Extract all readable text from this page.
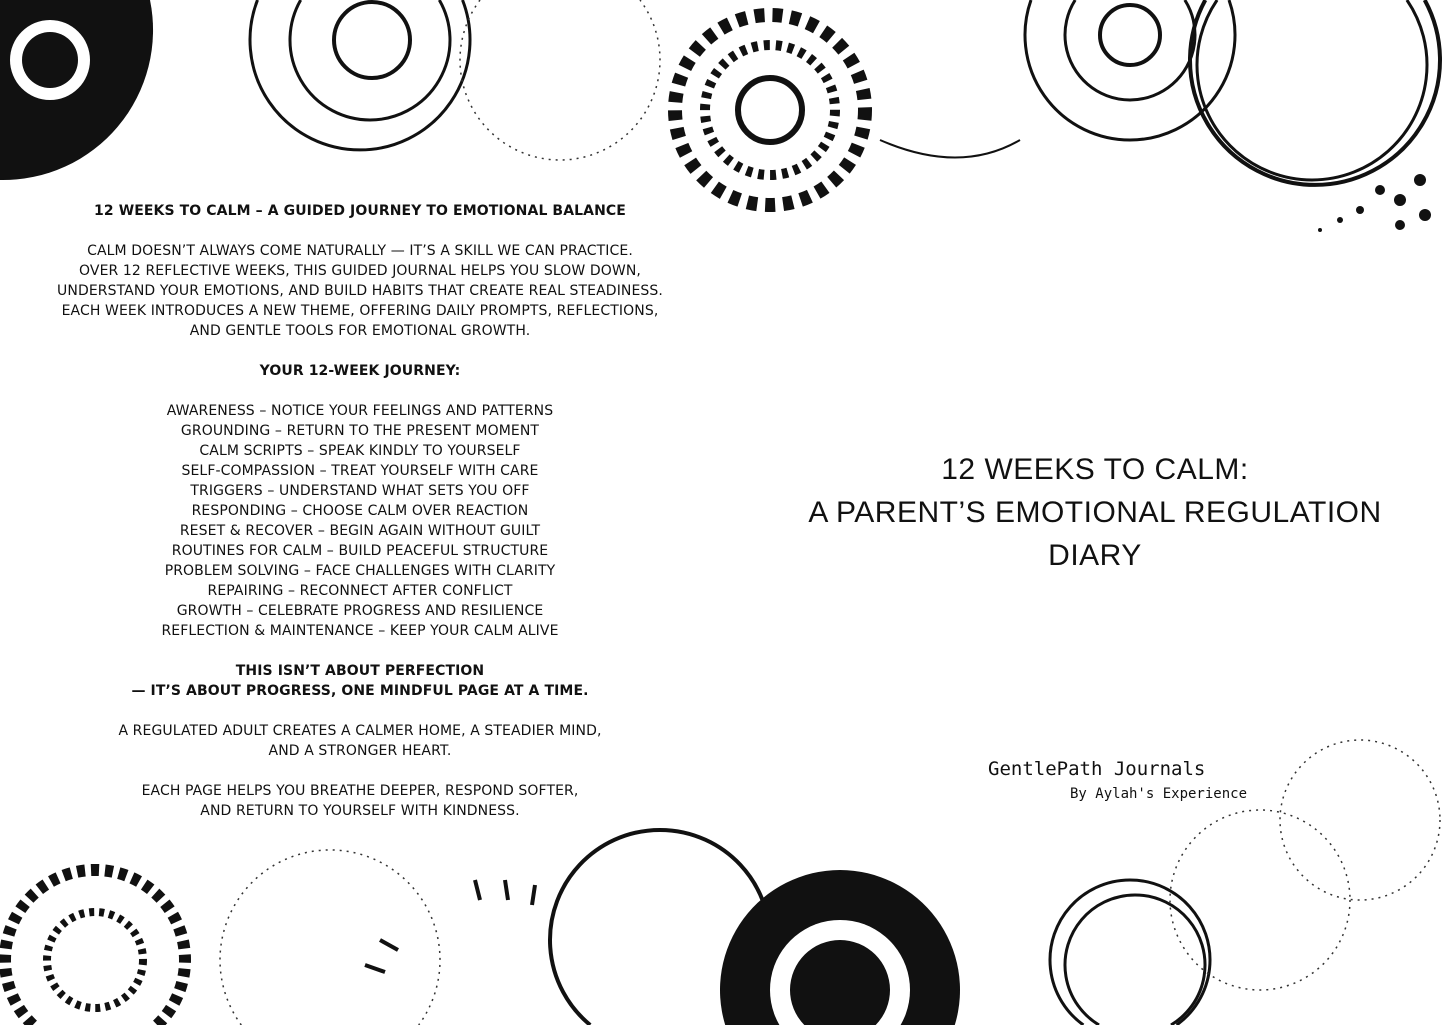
12 WEEKS TO CALM – A GUIDED JOURNEY TO EMOTIONAL BALANCE

CALM DOESN’T ALWAYS COME NATURALLY — IT’S A SKILL WE CAN PRACTICE.
OVER 12 REFLECTIVE WEEKS, THIS GUIDED JOURNAL HELPS YOU SLOW DOWN,
UNDERSTAND YOUR EMOTIONS, AND BUILD HABITS THAT CREATE REAL STEADINESS.
EACH WEEK INTRODUCES A NEW THEME, OFFERING DAILY PROMPTS, REFLECTIONS,
AND GENTLE TOOLS FOR EMOTIONAL GROWTH.

YOUR 12-WEEK JOURNEY:

AWARENESS – NOTICE YOUR FEELINGS AND PATTERNS
GROUNDING – RETURN TO THE PRESENT MOMENT
CALM SCRIPTS – SPEAK KINDLY TO YOURSELF
SELF-COMPASSION – TREAT YOURSELF WITH CARE
TRIGGERS – UNDERSTAND WHAT SETS YOU OFF
RESPONDING – CHOOSE CALM OVER REACTION
RESET & RECOVER – BEGIN AGAIN WITHOUT GUILT
ROUTINES FOR CALM – BUILD PEACEFUL STRUCTURE
PROBLEM SOLVING – FACE CHALLENGES WITH CLARITY
REPAIRING – RECONNECT AFTER CONFLICT
GROWTH – CELEBRATE PROGRESS AND RESILIENCE
REFLECTION & MAINTENANCE – KEEP YOUR CALM ALIVE

THIS ISN’T ABOUT PERFECTION
— IT’S ABOUT PROGRESS, ONE MINDFUL PAGE AT A TIME.

A REGULATED ADULT CREATES A CALMER HOME, A STEADIER MIND,
AND A STRONGER HEART.

EACH PAGE HELPS YOU BREATHE DEEPER, RESPOND SOFTER,
AND RETURN TO YOURSELF WITH KINDNESS.

12 WEEKS TO CALM:
A PARENT’S EMOTIONAL REGULATION
DIARY
GentlePath Journals
By Aylah's Experience
